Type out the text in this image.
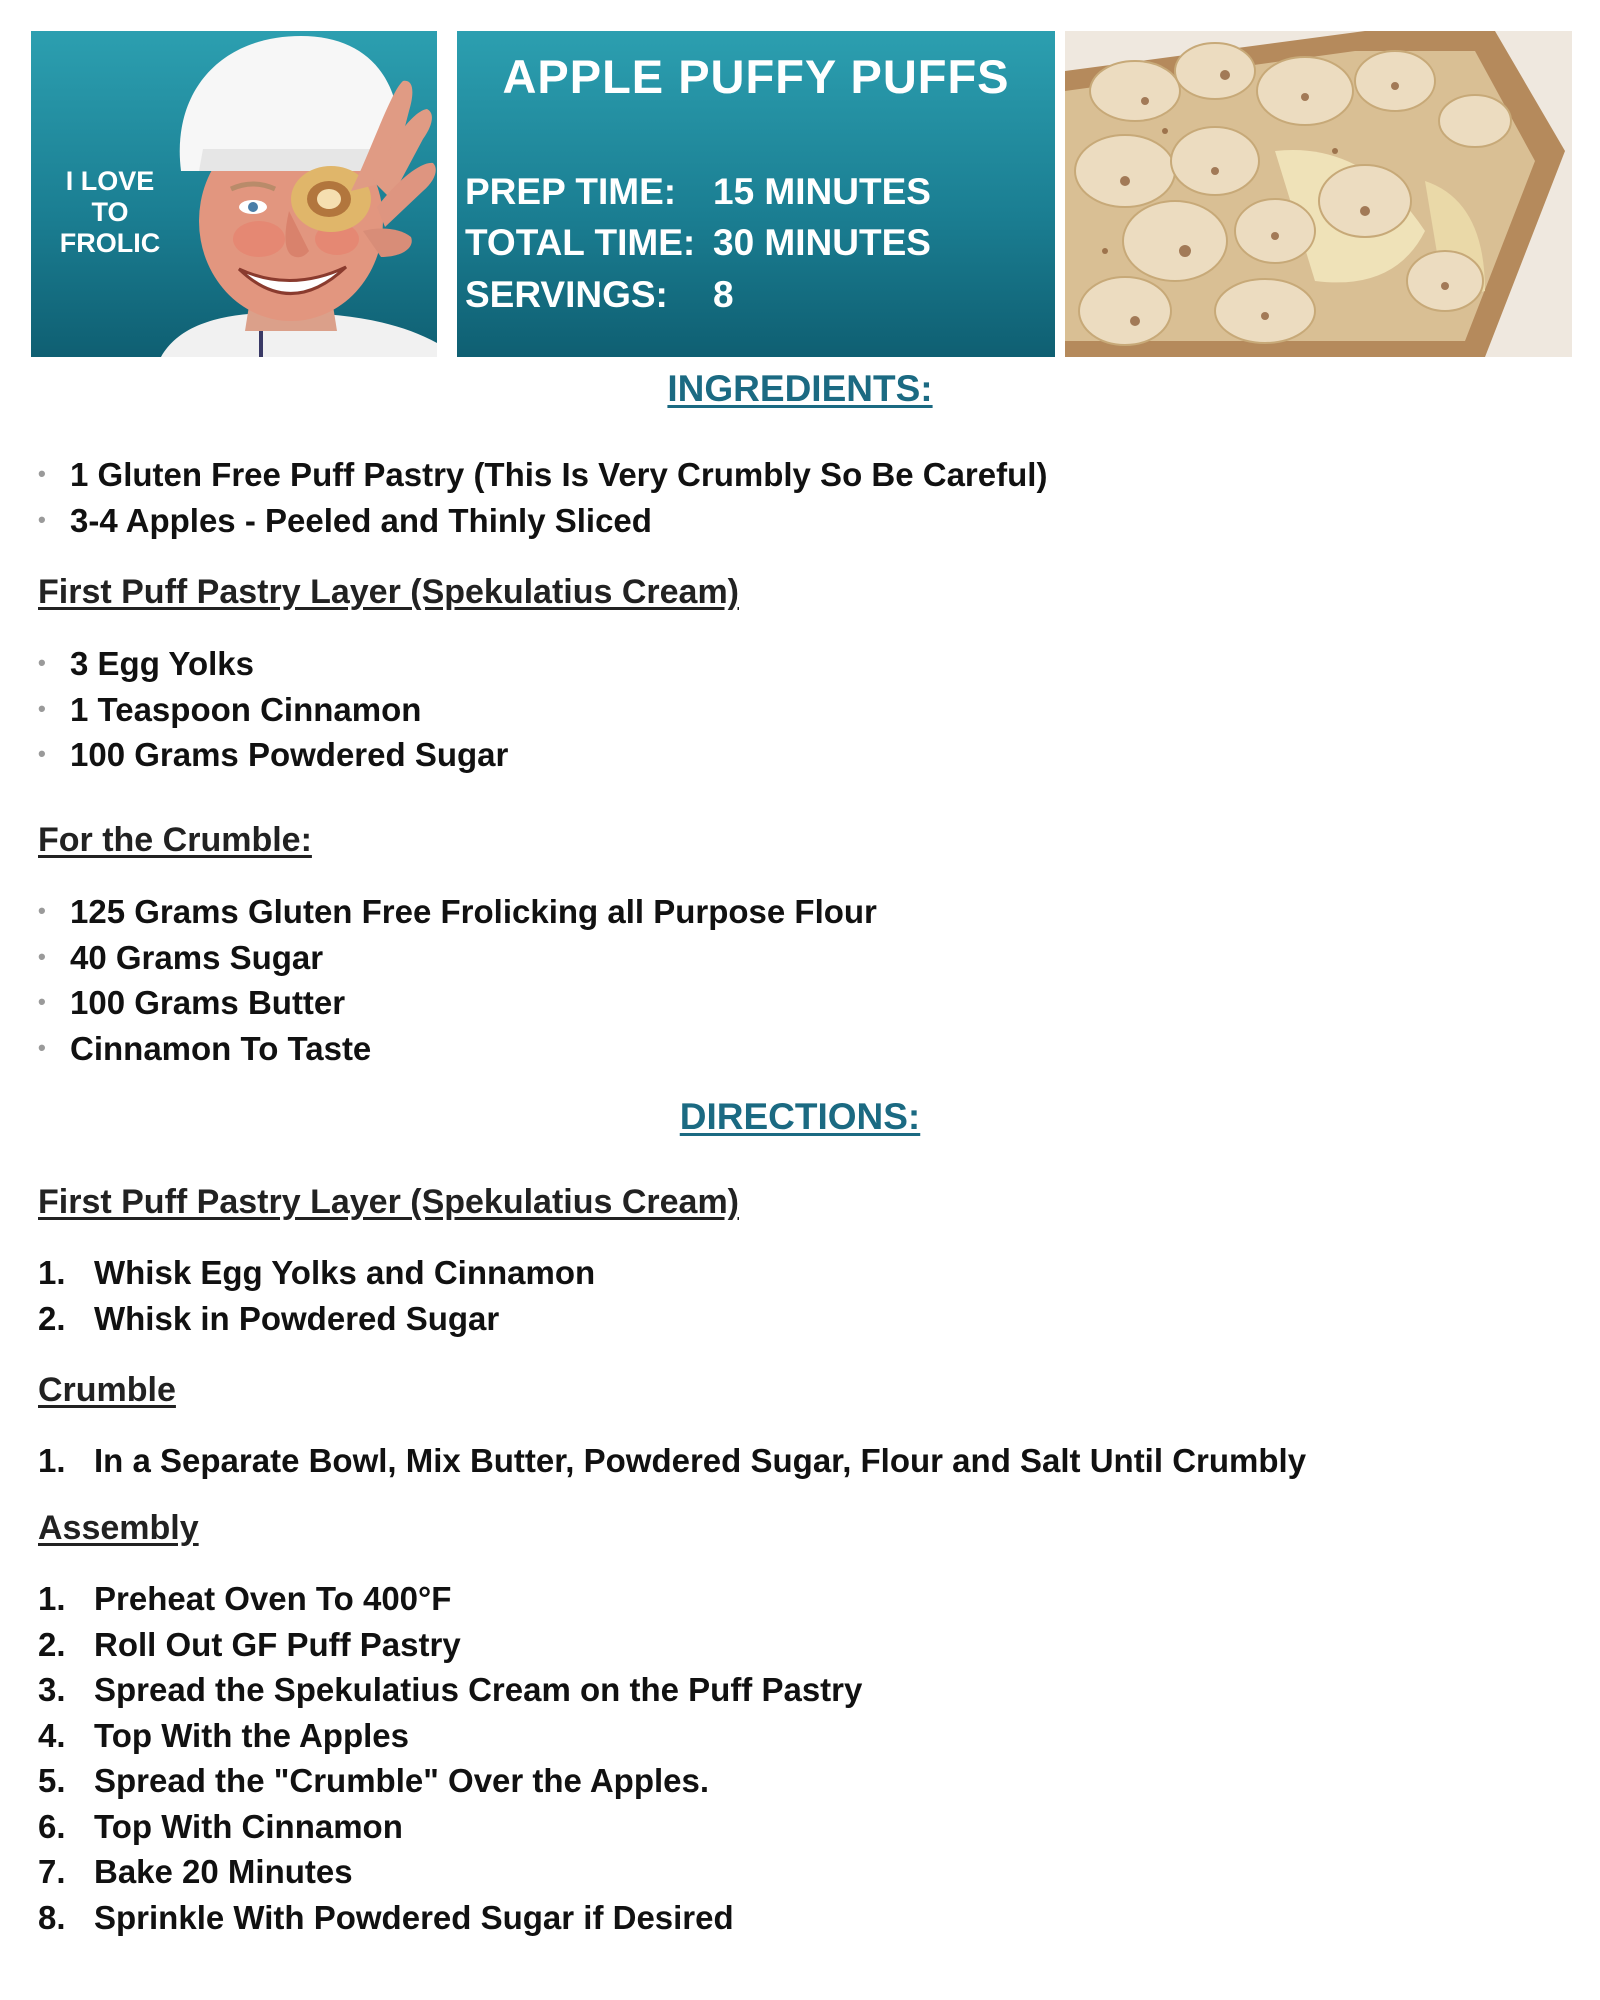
I LOVE
TO
FROLIC
APPLE PUFFY PUFFS
PREP TIME: 15 MINUTES
TOTAL TIME: 30 MINUTES
SERVINGS: 8
INGREDIENTS:
• 1 Gluten Free Puff Pastry (This Is Very Crumbly So Be Careful)
• 3-4 Apples - Peeled and Thinly Sliced
First Puff Pastry Layer (Spekulatius Cream)
• 3 Egg Yolks
• 1 Teaspoon Cinnamon
• 100 Grams Powdered Sugar
For the Crumble:
• 125 Grams Gluten Free Frolicking all Purpose Flour
• 40 Grams Sugar
• 100 Grams Butter
• Cinnamon To Taste
DIRECTIONS:
First Puff Pastry Layer (Spekulatius Cream)
1. Whisk Egg Yolks and Cinnamon
2. Whisk in Powdered Sugar
Crumble
1. In a Separate Bowl, Mix Butter, Powdered Sugar, Flour and Salt Until Crumbly
Assembly
1. Preheat Oven To 400°F
2. Roll Out GF Puff Pastry
3. Spread the Spekulatius Cream on the Puff Pastry
4. Top With the Apples
5. Spread the "Crumble" Over the Apples.
6. Top With Cinnamon
7. Bake 20 Minutes
8. Sprinkle With Powdered Sugar if Desired
